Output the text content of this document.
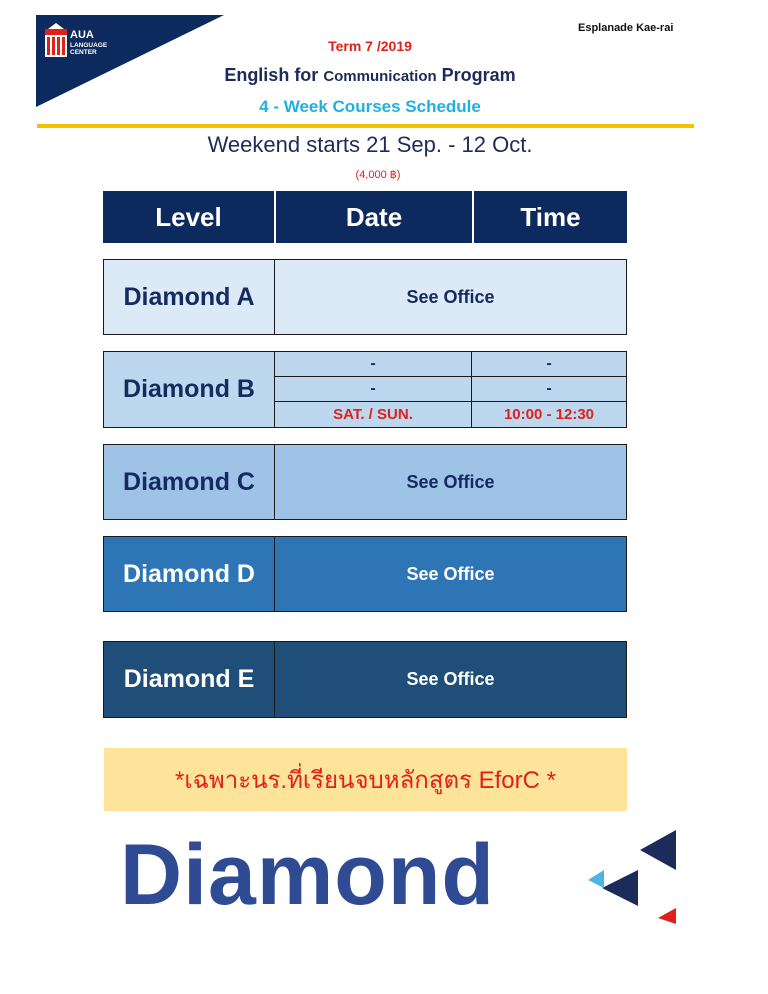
AUA
LANGUAGE
CENTER
Esplanade Kae-rai
Term 7 /2019
English for Communication Program
4 - Week Courses Schedule
Weekend starts 21 Sep. - 12 Oct.
(4,000 ฿)
Level	Date	Time
Diamond A	See Office
Diamond B
-	-
-	-
SAT. / SUN.	10:00 - 12:30
Diamond C	See Office
Diamond D	See Office
Diamond E	See Office
*เฉพาะนร.ที่เรียนจบหลักสูตร EforC *
Diamond
